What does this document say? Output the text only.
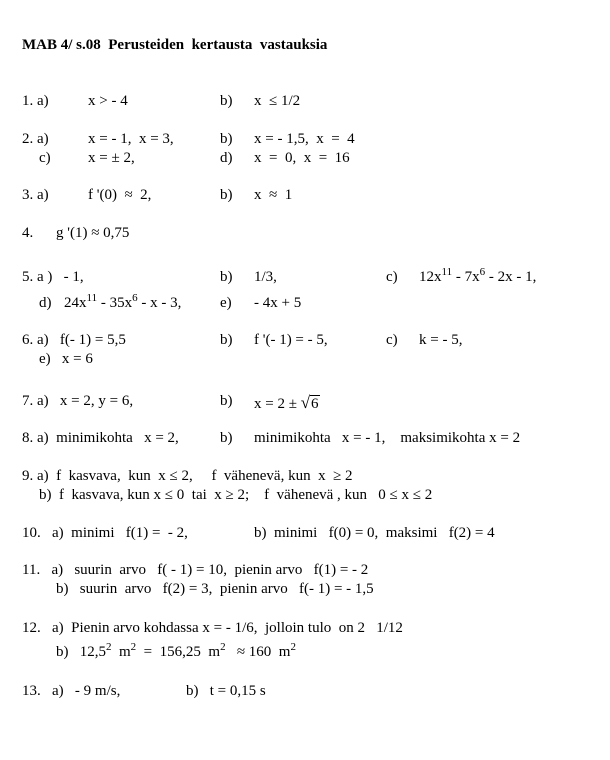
MAB 4/ s.08  Perusteiden  kertausta  vastauksia
1. a)	x > - 4	b) x  ≤ 1/2
2. a)	x = - 1,  x = 3,	b) x = - 1,5,  x  =  4
c) x = ± 2,	d) x  =  0,  x  =  16
3. a)	f '(0)  ≈  2,	b) x  ≈  1
4. g '(1) ≈ 0,75
5. a )   - 1,	b) 1/3,	c) $12x^{11} - 7x^6 - 2x - 1$,
d) $24x^{11} - 35x^6$ - x - 3,	e) - 4x + 5
6. a)   f(- 1) = 5,5	b) f '(- 1) = - 5,	c) k = - 5,
e)   x = 6
7. a)   x = 2, y = 6,	b) x = 2 ± √6
8. a)  minimikohta   x = 2,	b) minimikohta   x = - 1,    maksimikohta x = 2
9. a)  f  kasvava,  kun  x ≤ 2,     f  vähenevä, kun  x  ≥ 2
b)  f  kasvava, kun x ≤ 0  tai  x ≥ 2;    f  vähenevä , kun   0 ≤ x ≤ 2
10.   a)  minimi   f(1) =  - 2,	b)  minimi   f(0) = 0,  maksimi   f(2) = 4
11.   a)   suurin  arvo   f( - 1) = 10,  pienin arvo   f(1) = - 2
b)   suurin  arvo   f(2) = 3,  pienin arvo   f(- 1) = - 1,5
12.   a)  Pienin arvo kohdassa x = - 1/6,  jolloin tulo  on 2   1/12
b)   12,5$^2$  $m^2 = 156,25$  $m^2 \approx 160$  $m^2$
13.   a)   - 9 m/s,	b)   t = 0,15 s
